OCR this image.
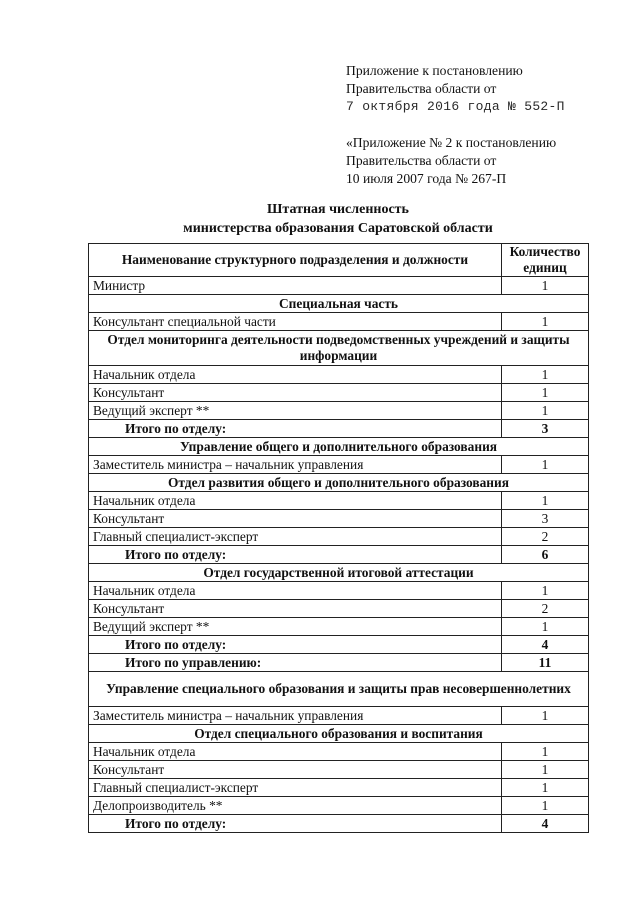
Приложение к постановлению
Правительства области от
7 октября 2016 года № 552-П
«Приложение № 2 к постановлению
Правительства области от
10 июля 2007 года № 267-П
Штатная численность
министерства образования Саратовской области
Наименование структурного подразделения и должности	Количество единиц
Министр	1
Специальная часть	
Консультант специальной части	1
Отдел мониторинга деятельности подведомственных учреждений и защиты информации	
Начальник отдела	1
Консультант	1
Ведущий эксперт **	1
Итого по отделу:	3
Управление общего и дополнительного образования	
Заместитель министра – начальник управления	1
Отдел развития общего и дополнительного образования	
Начальник отдела	1
Консультант	3
Главный специалист-эксперт	2
Итого по отделу:	6
Отдел государственной итоговой аттестации	
Начальник отдела	1
Консультант	2
Ведущий эксперт **	1
Итого по отделу:	4
Итого по управлению:	11
Управление специального образования и защиты прав несовершеннолетних	
Заместитель министра – начальник управления	1
Отдел специального образования и воспитания	
Начальник отдела	1
Консультант	1
Главный специалист-эксперт	1
Делопроизводитель **	1
Итого по отделу:	4
